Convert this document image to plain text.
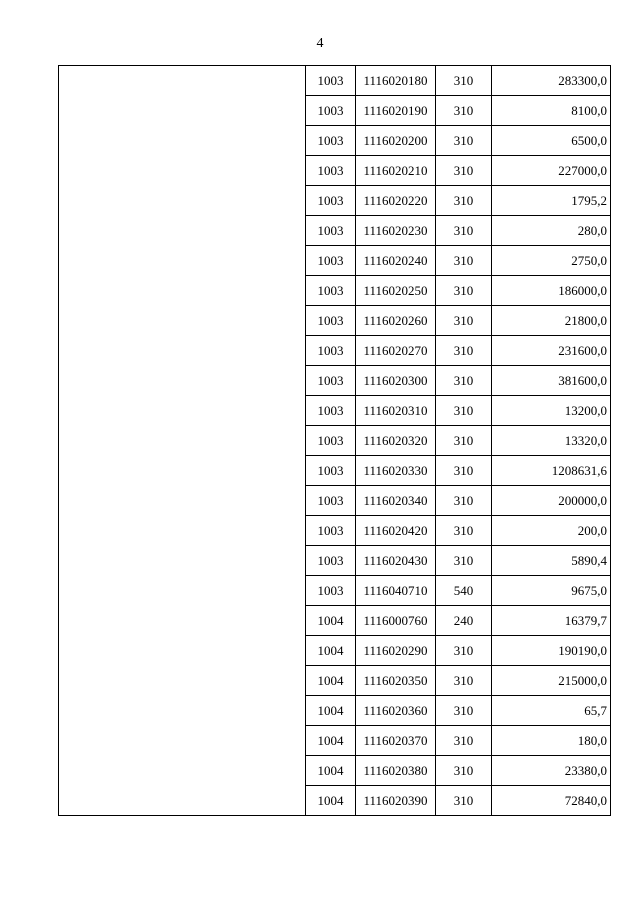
4
	1003	1116020180	310	283300,0
	1003	1116020190	310	8100,0
	1003	1116020200	310	6500,0
	1003	1116020210	310	227000,0
	1003	1116020220	310	1795,2
	1003	1116020230	310	280,0
	1003	1116020240	310	2750,0
	1003	1116020250	310	186000,0
	1003	1116020260	310	21800,0
	1003	1116020270	310	231600,0
	1003	1116020300	310	381600,0
	1003	1116020310	310	13200,0
	1003	1116020320	310	13320,0
	1003	1116020330	310	1208631,6
	1003	1116020340	310	200000,0
	1003	1116020420	310	200,0
	1003	1116020430	310	5890,4
	1003	1116040710	540	9675,0
	1004	1116000760	240	16379,7
	1004	1116020290	310	190190,0
	1004	1116020350	310	215000,0
	1004	1116020360	310	65,7
	1004	1116020370	310	180,0
	1004	1116020380	310	23380,0
	1004	1116020390	310	72840,0
